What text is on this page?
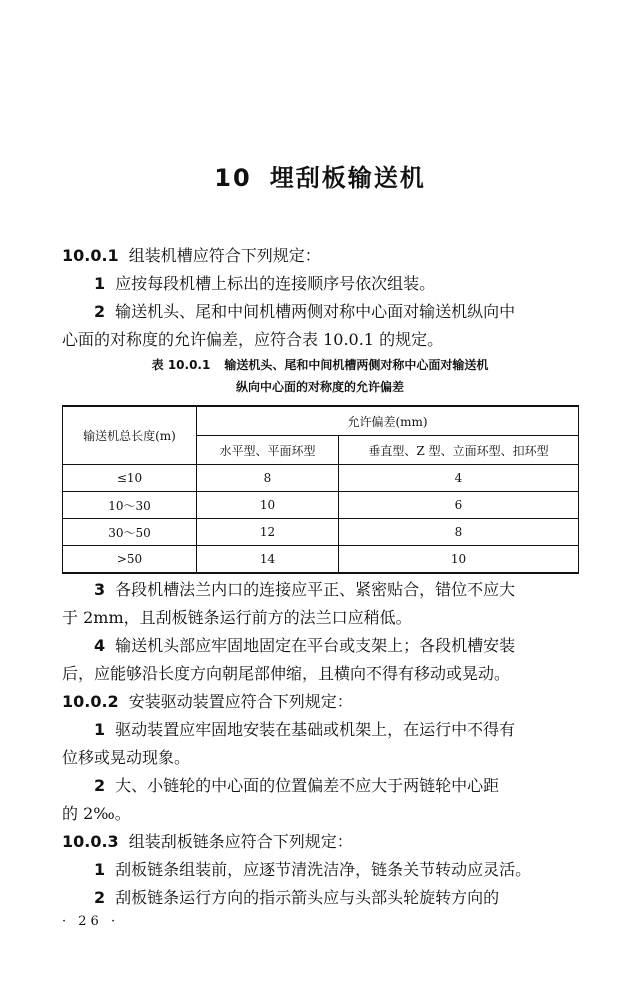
10 埋刮板输送机
10.0.1 组装机槽应符合下列规定：
1 应按每段机槽上标出的连接顺序号依次组装。
2 输送机头、尾和中间机槽两侧对称中心面对输送机纵向中
心面的对称度的允许偏差，应符合表 10.0.1 的规定。
表 10.0.1 输送机头、尾和中间机槽两侧对称中心面对输送机
纵向中心面的对称度的允许偏差
输送机总长度(m)	允许偏差(mm)	
	水平型、平面环型	垂直型、Z 型、立面环型、扣环型
≤10	8	4
10～30	10	6
30～50	12	8
>50	14	10
3 各段机槽法兰内口的连接应平正、紧密贴合，错位不应大
于 2mm，且刮板链条运行前方的法兰口应稍低。
4 输送机头部应牢固地固定在平台或支架上；各段机槽安装
后，应能够沿长度方向朝尾部伸缩，且横向不得有移动或晃动。
10.0.2 安装驱动装置应符合下列规定：
1 驱动装置应牢固地安装在基础或机架上，在运行中不得有
位移或晃动现象。
2 大、小链轮的中心面的位置偏差不应大于两链轮中心距
的 2‰。
10.0.3 组装刮板链条应符合下列规定：
1 刮板链条组装前，应逐节清洗洁净，链条关节转动应灵活。
2 刮板链条运行方向的指示箭头应与头部头轮旋转方向的
· 26 ·
